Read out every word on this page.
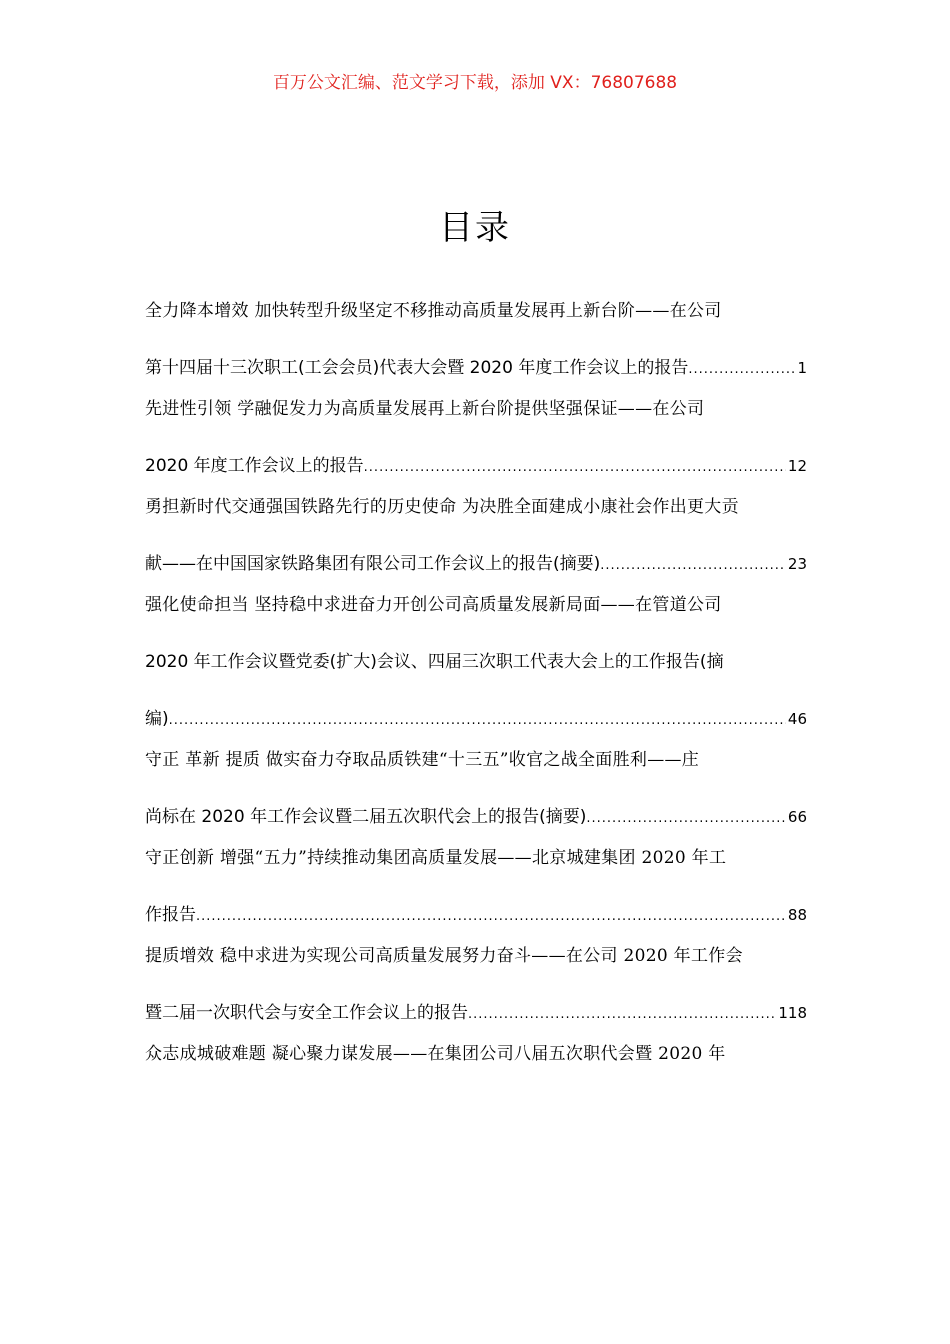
百万公文汇编、范文学习下载，添加 VX：76807688
目录
全力降本增效 加快转型升级坚定不移推动高质量发展再上新台阶——在公司
第十四届十三次职工(工会会员)代表大会暨 2020 年度工作会议上的报告 .....	1
先进性引领 学融促发力为高质量发展再上新台阶提供坚强保证——在公司
2020 年度工作会议上的报告 .....	12
勇担新时代交通强国铁路先行的历史使命 为决胜全面建成小康社会作出更大贡
献——在中国国家铁路集团有限公司工作会议上的报告(摘要) .....	23
强化使命担当 坚持稳中求进奋力开创公司高质量发展新局面——在管道公司
2020 年工作会议暨党委(扩大)会议、四届三次职工代表大会上的工作报告(摘
编) .....	46
守正 革新 提质 做实奋力夺取品质铁建“十三五”收官之战全面胜利——庄
尚标在 2020 年工作会议暨二届五次职代会上的报告(摘要) .....	66
守正创新 增强“五力”持续推动集团高质量发展——北京城建集团 2020 年工
作报告 .....	88
提质增效 稳中求进为实现公司高质量发展努力奋斗——在公司 2020 年工作会
暨二届一次职代会与安全工作会议上的报告 .....	118
众志成城破难题 凝心聚力谋发展——在集团公司八届五次职代会暨 2020 年
